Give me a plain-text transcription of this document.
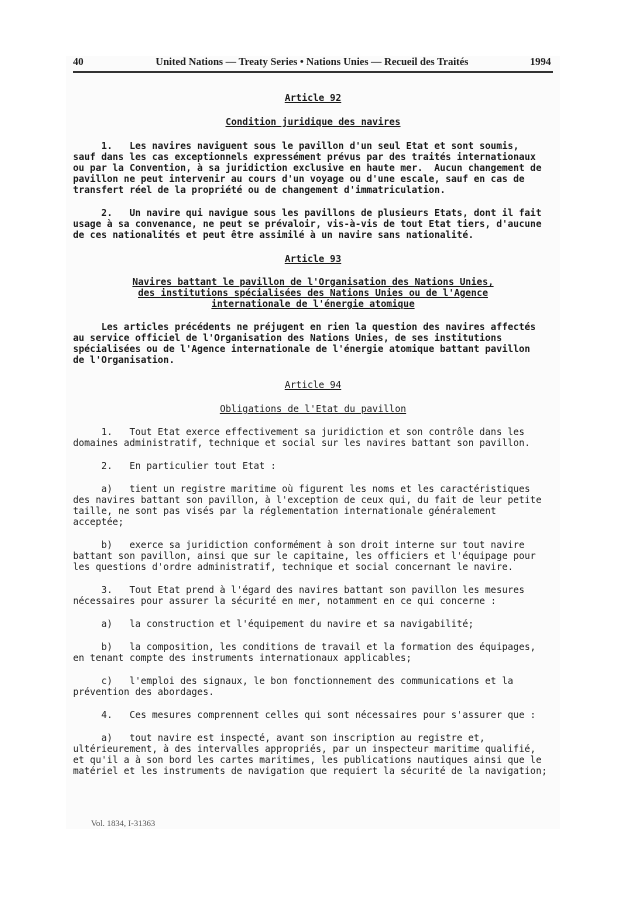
40	United Nations — Treaty Series • Nations Unies — Recueil des Traités	1994
Article 92
Condition juridique des navires
1.   Les navires naviguent sous le pavillon d'un seul Etat et sont soumis,
sauf dans les cas exceptionnels expressément prévus par des traités internationaux
ou par la Convention, à sa juridiction exclusive en haute mer.  Aucun changement de
pavillon ne peut intervenir au cours d'un voyage ou d'une escale, sauf en cas de
transfert réel de la propriété ou de changement d'immatriculation.
2.   Un navire qui navigue sous les pavillons de plusieurs Etats, dont il fait
usage à sa convenance, ne peut se prévaloir, vis-à-vis de tout Etat tiers, d'aucune
de ces nationalités et peut être assimilé à un navire sans nationalité.
Article 93
Navires battant le pavillon de l'Organisation des Nations Unies,
des institutions spécialisées des Nations Unies ou de l'Agence
internationale de l'énergie atomique
Les articles précédents ne préjugent en rien la question des navires affectés
au service officiel de l'Organisation des Nations Unies, de ses institutions
spécialisées ou de l'Agence internationale de l'énergie atomique battant pavillon
de l'Organisation.
Article 94
Obligations de l'Etat du pavillon
1.   Tout Etat exerce effectivement sa juridiction et son contrôle dans les
domaines administratif, technique et social sur les navires battant son pavillon.
2.   En particulier tout Etat :
a)   tient un registre maritime où figurent les noms et les caractéristiques
des navires battant son pavillon, à l'exception de ceux qui, du fait de leur petite
taille, ne sont pas visés par la réglementation internationale généralement
acceptée;
b)   exerce sa juridiction conformément à son droit interne sur tout navire
battant son pavillon, ainsi que sur le capitaine, les officiers et l'équipage pour
les questions d'ordre administratif, technique et social concernant le navire.
3.   Tout Etat prend à l'égard des navires battant son pavillon les mesures
nécessaires pour assurer la sécurité en mer, notamment en ce qui concerne :
a)   la construction et l'équipement du navire et sa navigabilité;
b)   la composition, les conditions de travail et la formation des équipages,
en tenant compte des instruments internationaux applicables;
c)   l'emploi des signaux, le bon fonctionnement des communications et la
prévention des abordages.
4.   Ces mesures comprennent celles qui sont nécessaires pour s'assurer que :
a)   tout navire est inspecté, avant son inscription au registre et,
ultérieurement, à des intervalles appropriés, par un inspecteur maritime qualifié,
et qu'il a à son bord les cartes maritimes, les publications nautiques ainsi que le
matériel et les instruments de navigation que requiert la sécurité de la navigation;
Vol. 1834, I-31363
